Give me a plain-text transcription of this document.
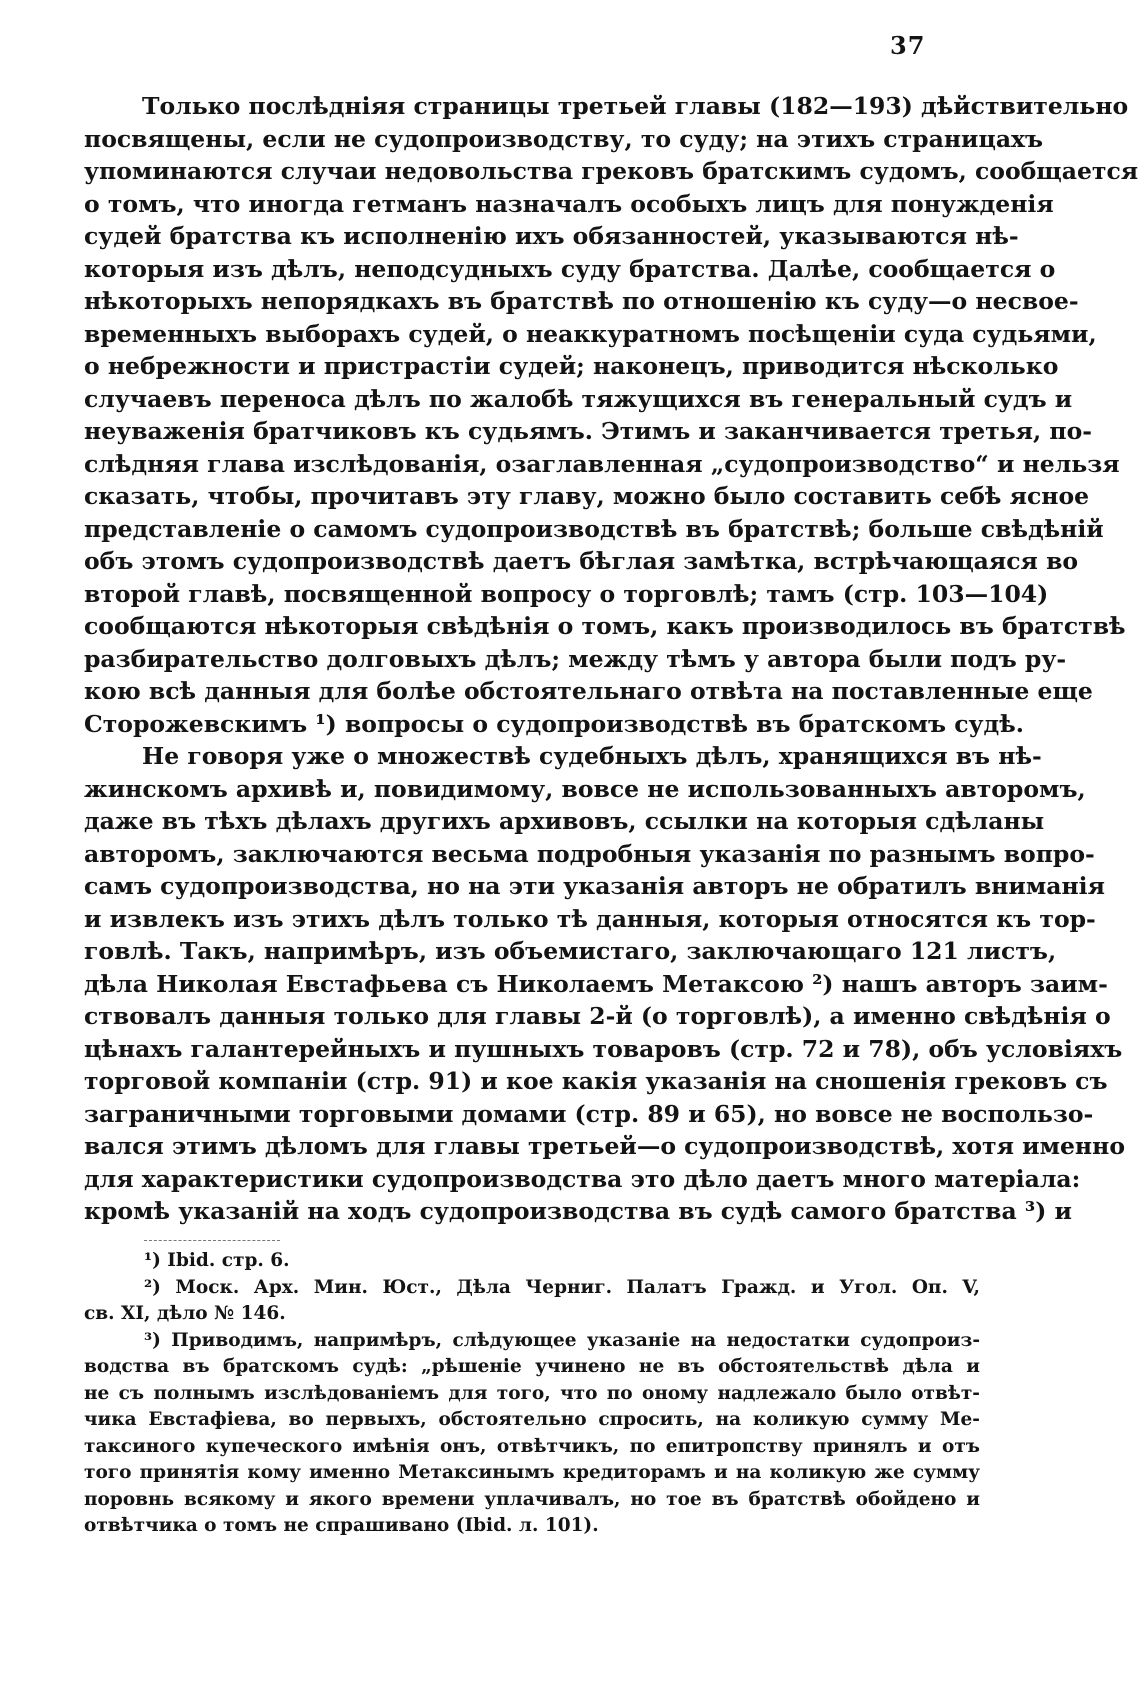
37
Только послѣдніяя страницы третьей главы (182—193) дѣйствительно
посвящены, если не судопроизводству, то суду; на этихъ страницахъ
упоминаются случаи недовольства грековъ братскимъ судомъ, сообщается
о томъ, что иногда гетманъ назначалъ особыхъ лицъ для понужденія
судей братства къ исполненію ихъ обязанностей, указываются нѣ-
которыя изъ дѣлъ, неподсудныхъ суду братства. Далѣе, сообщается о
нѣкоторыхъ непорядкахъ въ братствѣ по отношенію къ суду—о несвое-
временныхъ выборахъ судей, о неаккуратномъ посѣщеніи суда судьями,
о небрежности и пристрастіи судей; наконецъ, приводится нѣсколько
случаевъ переноса дѣлъ по жалобѣ тяжущихся въ генеральный судъ и
неуваженія братчиковъ къ судьямъ. Этимъ и заканчивается третья, по-
слѣдняя глава изслѣдованія, озаглавленная „судопроизводство“ и нельзя
сказать, чтобы, прочитавъ эту главу, можно было составить себѣ ясное
представленіе о самомъ судопроизводствѣ въ братствѣ; больше свѣдѣній
объ этомъ судопроизводствѣ даетъ бѣглая замѣтка, встрѣчающаяся во
второй главѣ, посвященной вопросу о торговлѣ; тамъ (стр. 103—104)
сообщаются нѣкоторыя свѣдѣнія о томъ, какъ производилось въ братствѣ
разбирательство долговыхъ дѣлъ; между тѣмъ у автора были подъ ру-
кою всѣ данныя для болѣе обстоятельнаго отвѣта на поставленные еще
Сторожевскимъ ¹) вопросы о судопроизводствѣ въ братскомъ судѣ.
Не говоря уже о множествѣ судебныхъ дѣлъ, хранящихся въ нѣ-
жинскомъ архивѣ и, повидимому, вовсе не использованныхъ авторомъ,
даже въ тѣхъ дѣлахъ другихъ архивовъ, ссылки на которыя сдѣланы
авторомъ, заключаются весьма подробныя указанія по разнымъ вопро-
самъ судопроизводства, но на эти указанія авторъ не обратилъ вниманія
и извлекъ изъ этихъ дѣлъ только тѣ данныя, которыя относятся къ тор-
говлѣ. Такъ, напримѣръ, изъ объемистаго, заключающаго 121 листъ,
дѣла Николая Евстафьева съ Николаемъ Метаксою ²) нашъ авторъ заим-
ствовалъ данныя только для главы 2-й (о торговлѣ), а именно свѣдѣнія о
цѣнахъ галантерейныхъ и пушныхъ товаровъ (стр. 72 и 78), объ условіяхъ
торговой компаніи (стр. 91) и кое какія указанія на сношенія грековъ съ
заграничными торговыми домами (стр. 89 и 65), но вовсе не воспользо-
вался этимъ дѣломъ для главы третьей—о судопроизводствѣ, хотя именно
для характеристики судопроизводства это дѣло даетъ много матеріала:
кромѣ указаній на ходъ судопроизводства въ судѣ самого братства ³) и
¹) Ibid. стр. 6.
²) Моск. Арх. Мин. Юст., Дѣла Черниг. Палатъ Гражд. и Угол. Оп. V,
св. XI, дѣло № 146.
³) Приводимъ, напримѣръ, слѣдующее указаніе на недостатки судопроиз-
водства въ братскомъ судѣ: „рѣшеніе учинено не въ обстоятельствѣ дѣла и
не съ полнымъ изслѣдованіемъ для того, что по оному надлежало было отвѣт-
чика Евстафіева, во первыхъ, обстоятельно спросить, на коликую сумму Ме-
таксиного купеческого имѣнія онъ, отвѣтчикъ, по епитропству принялъ и отъ
того принятія кому именно Метаксинымъ кредиторамъ и на коликую же сумму
поровнь всякому и якого времени уплачивалъ, но тое въ братствѣ обойдено и
отвѣтчика о томъ не спрашивано (Ibid. л. 101).
